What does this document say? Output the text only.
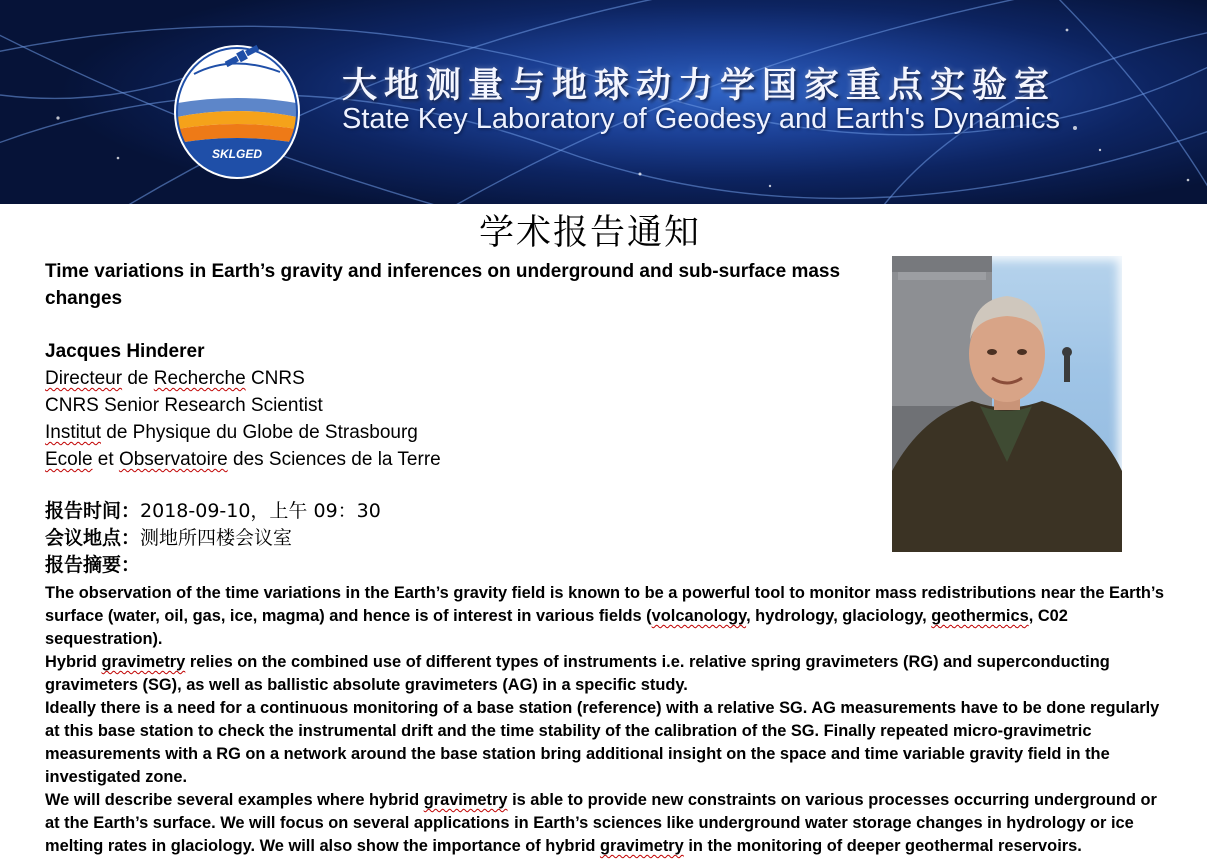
SKLGED
大地测量与地球动力学国家重点实验室
State Key Laboratory of Geodesy and Earth's Dynamics
学术报告通知
Time variations in Earth’s gravity and inferences on underground and sub-surface mass changes
Jacques Hinderer
Directeur de Recherche CNRS
CNRS Senior Research Scientist
Institut de Physique du Globe de Strasbourg
Ecole et Observatoire des Sciences de la Terre
报告时间：2018-09-10，上午 09：30
会议地点：测地所四楼会议室
报告摘要：

The observation of the time variations in the Earth’s gravity field is known to be a powerful tool to monitor mass redistributions near the Earth’s surface (water, oil, gas, ice, magma) and hence is of interest in various fields (volcanology, hydrology, glaciology, geothermics, C02 sequestration).

Hybrid gravimetry relies on the combined use of different types of instruments i.e. relative spring gravimeters (RG) and superconducting gravimeters (SG), as well as ballistic absolute gravimeters (AG) in a specific study.

Ideally there is a need for a continuous monitoring of a base station (reference) with a relative SG. AG measurements have to be done regularly at this base station to check the instrumental drift and the time stability of the calibration of the SG. Finally repeated micro-gravimetric measurements with a RG on a network around the base station bring additional insight on the space and time variable gravity field in the investigated zone.

We will describe several examples where hybrid gravimetry is able to provide new constraints on various processes occurring underground or at the Earth’s surface. We will focus on several applications in Earth’s sciences like underground water storage changes in hydrology or ice melting rates in glaciology. We will also show the importance of hybrid gravimetry in the monitoring of deeper geothermal reservoirs.
